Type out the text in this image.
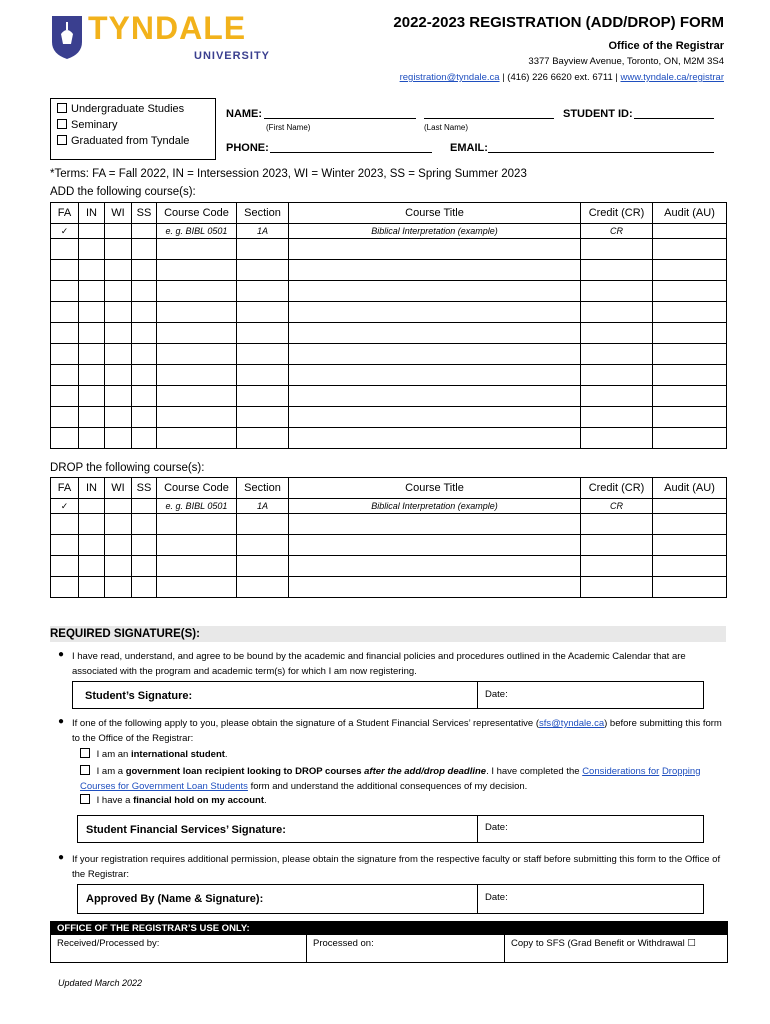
TYNDALE
UNIVERSITY
2022-2023 REGISTRATION (ADD/DROP) FORM
Office of the Registrar
3377 Bayview Avenue, Toronto, ON, M2M 3S4
registration@tyndale.ca | (416) 226 6620 ext. 6711 | www.tyndale.ca/registrar
Undergraduate Studies
Seminary
Graduated from Tyndale
NAME:
(First Name)	(Last Name)
STUDENT ID:
PHONE:	EMAIL:
*Terms: FA = Fall 2022, IN = Intersession 2023, WI = Winter 2023, SS = Spring Summer 2023
ADD the following course(s):
FA	IN	WI	SS	Course Code	Section	Course Title	Credit (CR)	Audit (AU)
✓				e. g. BIBL 0501	1A	Biblical Interpretation (example)	CR	

DROP the following course(s):
FA	IN	WI	SS	Course Code	Section	Course Title	Credit (CR)	Audit (AU)
✓				e. g. BIBL 0501	1A	Biblical Interpretation (example)	CR	

REQUIRED SIGNATURE(S):
● I have read, understand, and agree to be bound by the academic and financial policies and procedures outlined in the Academic Calendar that are associated with the program and academic term(s) for which I am now registering.
Student’s Signature:	Date:
● If one of the following apply to you, please obtain the signature of a Student Financial Services’ representative (sfs@tyndale.ca) before submitting this form to the Office of the Registrar:
I am an international student.
I am a government loan recipient looking to DROP courses after the add/drop deadline. I have completed the Considerations for Dropping Courses for Government Loan Students form and understand the additional consequences of my decision.
I have a financial hold on my account.
Student Financial Services’ Signature:	Date:
● If your registration requires additional permission, please obtain the signature from the respective faculty or staff before submitting this form to the Office of the Registrar:
Approved By (Name & Signature):	Date:
OFFICE OF THE REGISTRAR’S USE ONLY:
Received/Processed by:	Processed on:	Copy to SFS (Grad Benefit or Withdrawal ☐
Updated March 2022
